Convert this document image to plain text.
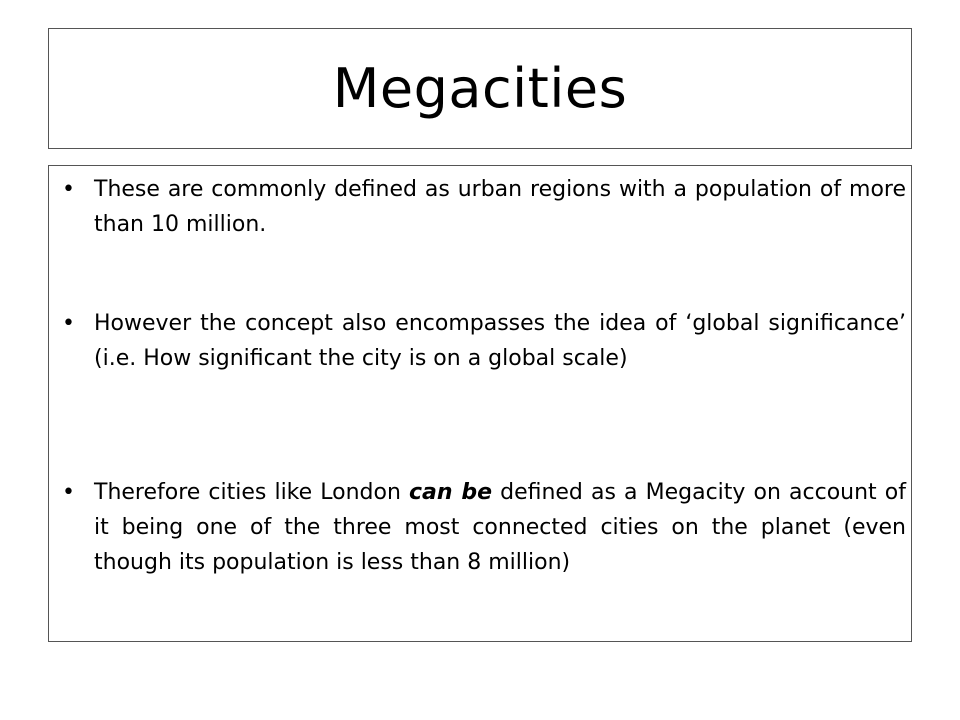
Megacities
• These are commonly defined as urban regions with a population of more than 10 million.
• However the concept also encompasses the idea of ‘global significance’ (i.e. How significant the city is on a global scale)
• Therefore cities like London can be defined as a Megacity on account of it being one of the three most connected cities on the planet (even though its population is less than 8 million)
